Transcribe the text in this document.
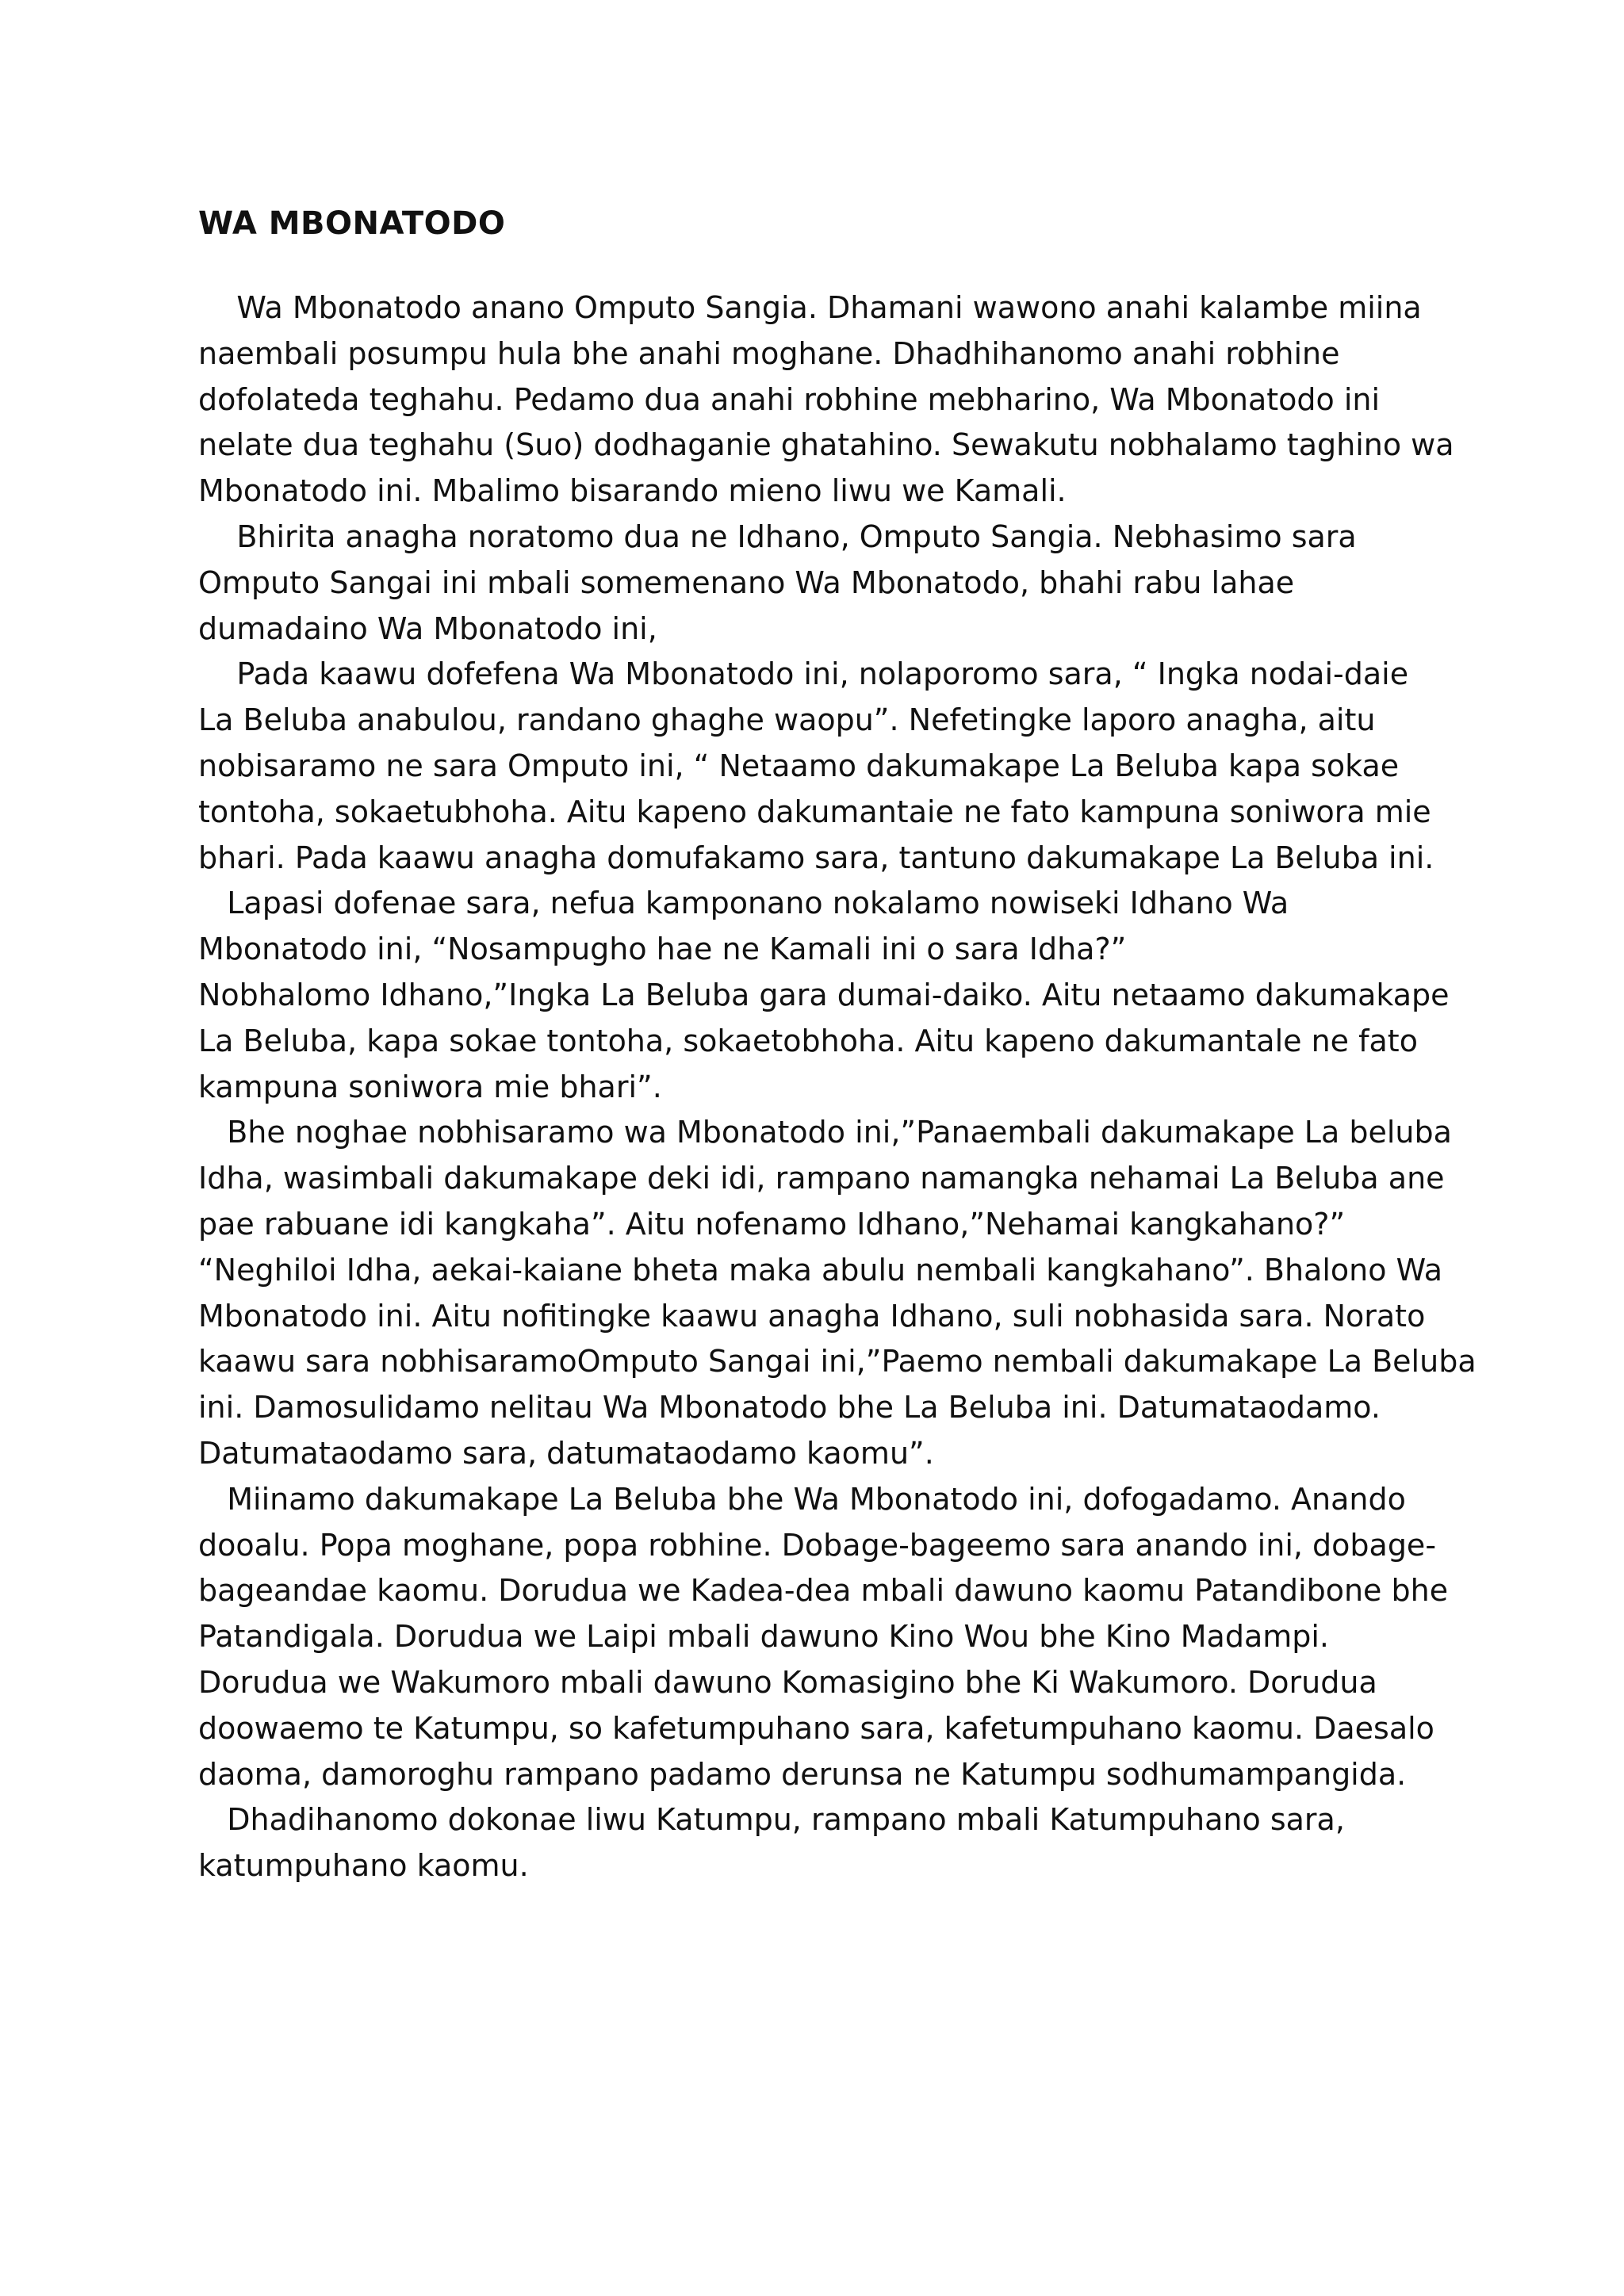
WA MBONATODO
Wa Mbonatodo anano Omputo Sangia. Dhamani wawono anahi kalambe miina
naembali posumpu hula bhe anahi moghane. Dhadhihanomo anahi robhine
dofolateda teghahu. Pedamo dua anahi robhine mebharino, Wa Mbonatodo ini
nelate dua teghahu (Suo) dodhaganie ghatahino. Sewakutu nobhalamo taghino wa
Mbonatodo ini. Mbalimo bisarando mieno liwu we Kamali.
Bhirita anagha noratomo dua ne Idhano, Omputo Sangia. Nebhasimo sara
Omputo Sangai ini mbali somemenano Wa Mbonatodo, bhahi rabu lahae
dumadaino Wa Mbonatodo ini,
Pada kaawu dofefena Wa Mbonatodo ini, nolaporomo sara, “ Ingka nodai-daie
La Beluba anabulou, randano ghaghe waopu”. Nefetingke laporo anagha, aitu
nobisaramo ne sara Omputo ini, “ Netaamo dakumakape La Beluba kapa sokae
tontoha, sokaetubhoha. Aitu kapeno dakumantaie ne fato kampuna soniwora mie
bhari. Pada kaawu anagha domufakamo sara, tantuno dakumakape La Beluba ini.
Lapasi dofenae sara, nefua kamponano nokalamo nowiseki Idhano Wa
Mbonatodo ini, “Nosampugho hae ne Kamali ini o sara Idha?”
Nobhalomo Idhano,”Ingka La Beluba gara dumai-daiko. Aitu netaamo dakumakape
La Beluba, kapa sokae tontoha, sokaetobhoha. Aitu kapeno dakumantale ne fato
kampuna soniwora mie bhari”.
Bhe noghae nobhisaramo wa Mbonatodo ini,”Panaembali dakumakape La beluba
Idha, wasimbali dakumakape deki idi, rampano namangka nehamai La Beluba ane
pae rabuane idi kangkaha”. Aitu nofenamo Idhano,”Nehamai kangkahano?”
“Neghiloi Idha, aekai-kaiane bheta maka abulu nembali kangkahano”. Bhalono Wa
Mbonatodo ini. Aitu nofitingke kaawu anagha Idhano, suli nobhasida sara. Norato
kaawu sara nobhisaramoOmputo Sangai ini,”Paemo nembali dakumakape La Beluba
ini. Damosulidamo nelitau Wa Mbonatodo bhe La Beluba ini. Datumataodamo.
Datumataodamo sara, datumataodamo kaomu”.
Miinamo dakumakape La Beluba bhe Wa Mbonatodo ini, dofogadamo. Anando
dooalu. Popa moghane, popa robhine. Dobage-bageemo sara anando ini, dobage-
bageandae kaomu. Dorudua we Kadea-dea mbali dawuno kaomu Patandibone bhe
Patandigala. Dorudua we Laipi mbali dawuno Kino Wou bhe Kino Madampi.
Dorudua we Wakumoro mbali dawuno Komasigino bhe Ki Wakumoro. Dorudua
doowaemo te Katumpu, so kafetumpuhano sara, kafetumpuhano kaomu. Daesalo
daoma, damoroghu rampano padamo derunsa ne Katumpu sodhumampangida.
Dhadihanomo dokonae liwu Katumpu, rampano mbali Katumpuhano sara,
katumpuhano kaomu.
